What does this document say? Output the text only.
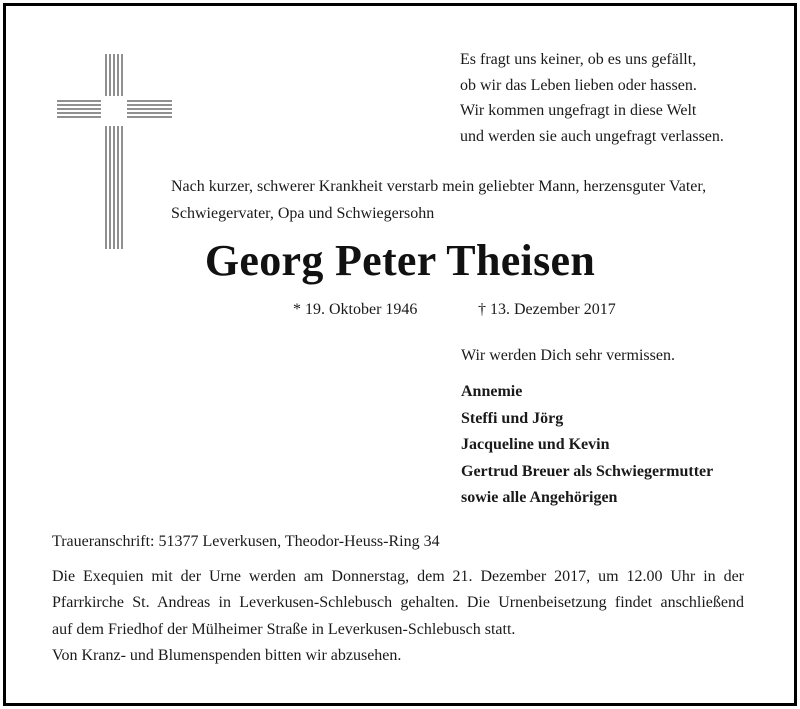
Es fragt uns keiner, ob es uns gefällt,
ob wir das Leben lieben oder hassen.
Wir kommen ungefragt in diese Welt
und werden sie auch ungefragt verlassen.
Nach kurzer, schwerer Krankheit verstarb mein geliebter Mann, herzensguter Vater,
Schwiegervater, Opa und Schwiegersohn
Georg Peter Theisen
* 19. Oktober 1946	† 13. Dezember 2017
Wir werden Dich sehr vermissen.
Annemie
Steffi und Jörg
Jacqueline und Kevin
Gertrud Breuer als Schwiegermutter
sowie alle Angehörigen
Traueranschrift: 51377 Leverkusen, Theodor-Heuss-Ring 34

Die Exequien mit der Urne werden am Donnerstag, dem 21. Dezember 2017, um 12.00 Uhr in der

Pfarrkirche St. Andreas in Leverkusen-Schlebusch gehalten. Die Urnenbeisetzung findet anschließend

auf dem Friedhof der Mülheimer Straße in Leverkusen-Schlebusch statt.

Von Kranz- und Blumenspenden bitten wir abzusehen.
